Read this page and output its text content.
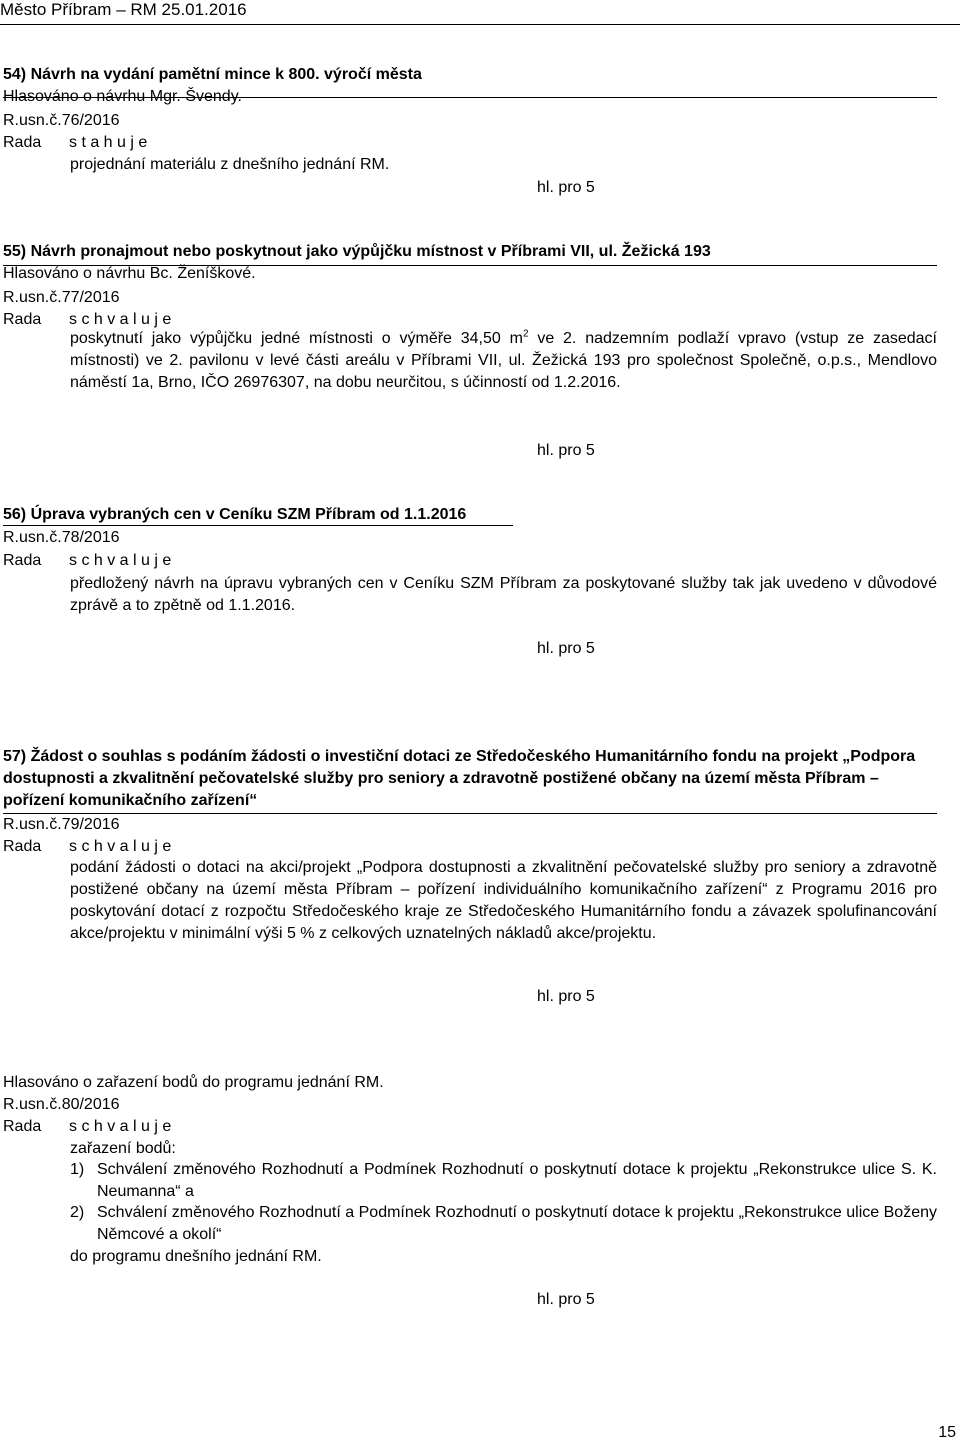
Město Příbram – RM 25.01.2016
54) Návrh na vydání pamětní mince k 800. výročí města
Hlasováno o návrhu Mgr. Švendy.
R.usn.č.76/2016
Rada s t a h u j e
projednání materiálu z dnešního jednání RM.
hl. pro 5
55) Návrh pronajmout nebo poskytnout jako výpůjčku místnost v Příbrami VII, ul. Žežická 193
Hlasováno o návrhu Bc. Ženíškové.
R.usn.č.77/2016
Rada s c h v a l u j e

poskytnutí jako výpůjčku jedné místnosti o výměře 34,50 $m^2$ ve 2. nadzemním podlaží vpravo (vstup ze zasedací místnosti) ve 2. pavilonu v levé části areálu v Příbrami VII, ul. Žežická 193 pro společnost Společně, o.p.s., Mendlovo náměstí 1a, Brno, IČO 26976307, na dobu neurčitou, s účinností od 1.2.2016.

hl. pro 5
56) Úprava vybraných cen v Ceníku SZM Příbram od 1.1.2016
R.usn.č.78/2016
Rada s c h v a l u j e

předložený návrh na úpravu vybraných cen v Ceníku SZM Příbram za poskytované služby tak jak uvedeno v důvodové zprávě a to zpětně od 1.1.2016.

hl. pro 5

57) Žádost o souhlas s podáním žádosti o investiční dotaci ze Středočeského Humanitárního fondu na projekt „Podpora dostupnosti a zkvalitnění pečovatelské služby pro seniory a zdravotně postižené občany na území města Příbram – pořízení komunikačního zařízení“

R.usn.č.79/2016
Rada s c h v a l u j e

podání žádosti o dotaci na akci/projekt „Podpora dostupnosti a zkvalitnění pečovatelské služby pro seniory a zdravotně postižené občany na území města Příbram – pořízení individuálního komunikačního zařízení“ z Programu 2016 pro poskytování dotací z rozpočtu Středočeského kraje ze Středočeského Humanitárního fondu a závazek spolufinancování akce/projektu v minimální výši 5 % z celkových uznatelných nákladů akce/projektu.

hl. pro 5
Hlasováno o zařazení bodů do programu jednání RM.
R.usn.č.80/2016
Rada s c h v a l u j e
zařazení bodů:
1) Schválení změnového Rozhodnutí a Podmínek Rozhodnutí o poskytnutí dotace k projektu „Rekonstrukce ulice S. K. Neumanna“ a
2) Schválení změnového Rozhodnutí a Podmínek Rozhodnutí o poskytnutí dotace k projektu „Rekonstrukce ulice Boženy Němcové a okolí“
do programu dnešního jednání RM.
hl. pro 5
15
